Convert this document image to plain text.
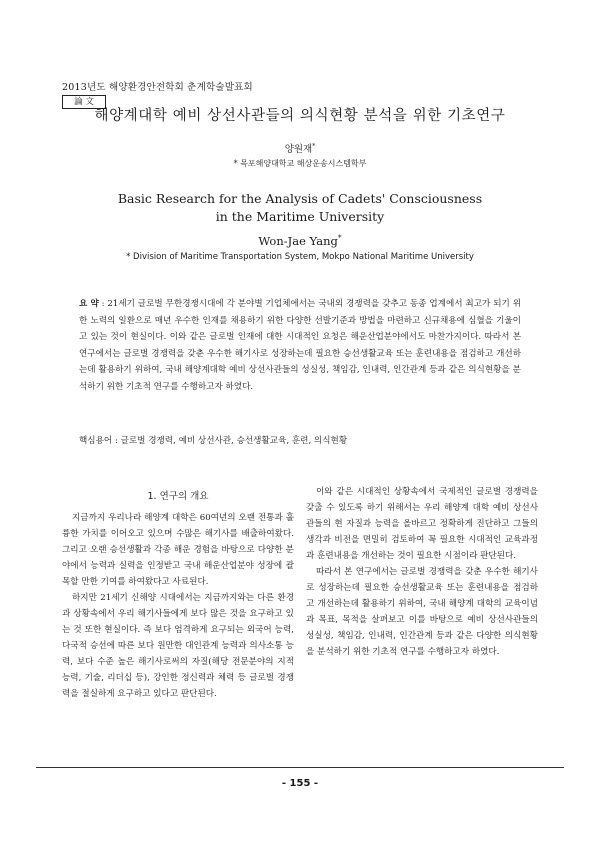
2013년도 해양환경안전학회 춘계학술발표회
論 文
해양계대학 예비 상선사관들의 의식현황 분석을 위한 기초연구
양원재*
* 목포해양대학교 해상운송시스템학부
Basic Research for the Analysis of Cadets' Consciousness
in the Maritime University
Won-Jae Yang*
* Division of Maritime Transportation System, Mokpo National Maritime University
요 약 : 21세기 글로벌 무한경쟁시대에 각 분야별 기업체에서는 국내외 경쟁력을 갖추고 동종 업계에서 최고가 되기 위한 노력의 일환으로 매년 우수한 인재를 채용하기 위한 다양한 선발기준과 방법을 마련하고 신규채용에 심혈을 기울이고 있는 것이 현실이다. 이와 같은 글로벌 인재에 대한 시대적인 요청은 해운산업분야에서도 마찬가지이다. 따라서 본 연구에서는 글로벌 경쟁력을 갖춘 우수한 해기사로 성장하는데 필요한 승선생활교육 또는 훈련내용을 점검하고 개선하는데 활용하기 위하여, 국내 해양계대학 예비 상선사관들의 성실성, 책임감, 인내력, 인간관계 등과 같은 의식현황을 분석하기 위한 기초적 연구를 수행하고자 하였다.
핵심용어 : 글로벌 경쟁력, 예비 상선사관, 승선생활교육, 훈련, 의식현황
1. 연구의 개요

지금까지 우리나라 해양계 대학은 60여년의 오랜 전통과 훌륭한 가치를 이어오고 있으며 수많은 해기사를 배출하여왔다. 그리고 오랜 승선생활과 각종 해운 경험을 바탕으로 다양한 분야에서 능력과 실력을 인정받고 국내 해운산업분야 성장에 괄목할 만한 기여를 하여왔다고 사료된다.

하지만 21세기 신해양 시대에서는 지금까지와는 다른 환경과 상황속에서 우리 해기사들에게 보다 많은 것을 요구하고 있는 것 또한 현실이다. 즉 보다 엄격하게 요구되는 외국어 능력, 다국적 승선에 따른 보다 원만한 대인관계 능력과 의사소통 능력, 보다 수준 높은 해기사로써의 자질(해당 전문분야의 지적능력, 기술, 리더십 등), 강인한 정신력과 체력 등 글로벌 경쟁력을 절실하게 요구하고 있다고 판단된다.

이와 같은 시대적인 상황속에서 국제적인 글로벌 경쟁력을 갖출 수 있도록 하기 위해서는 우리 해양계 대학 예비 상선사관들의 현 자질과 능력을 올바르고 정확하게 진단하고 그들의 생각과 비전을 면밀히 검토하여 꼭 필요한 시대적인 교육과정과 훈련내용을 개선하는 것이 필요한 시점이라 판단된다.

따라서 본 연구에서는 글로벌 경쟁력을 갖춘 우수한 해기사로 성장하는데 필요한 승선생활교육 또는 훈련내용을 점검하고 개선하는데 활용하기 위하여, 국내 해양계 대학의 교육이념과 목표, 목적을 살펴보고 이를 바탕으로 예비 상선사관들의 성실성, 책임감, 인내력, 인간관계 등과 같은 다양한 의식현황을 분석하기 위한 기초적 연구를 수행하고자 하였다.

- 155 -
